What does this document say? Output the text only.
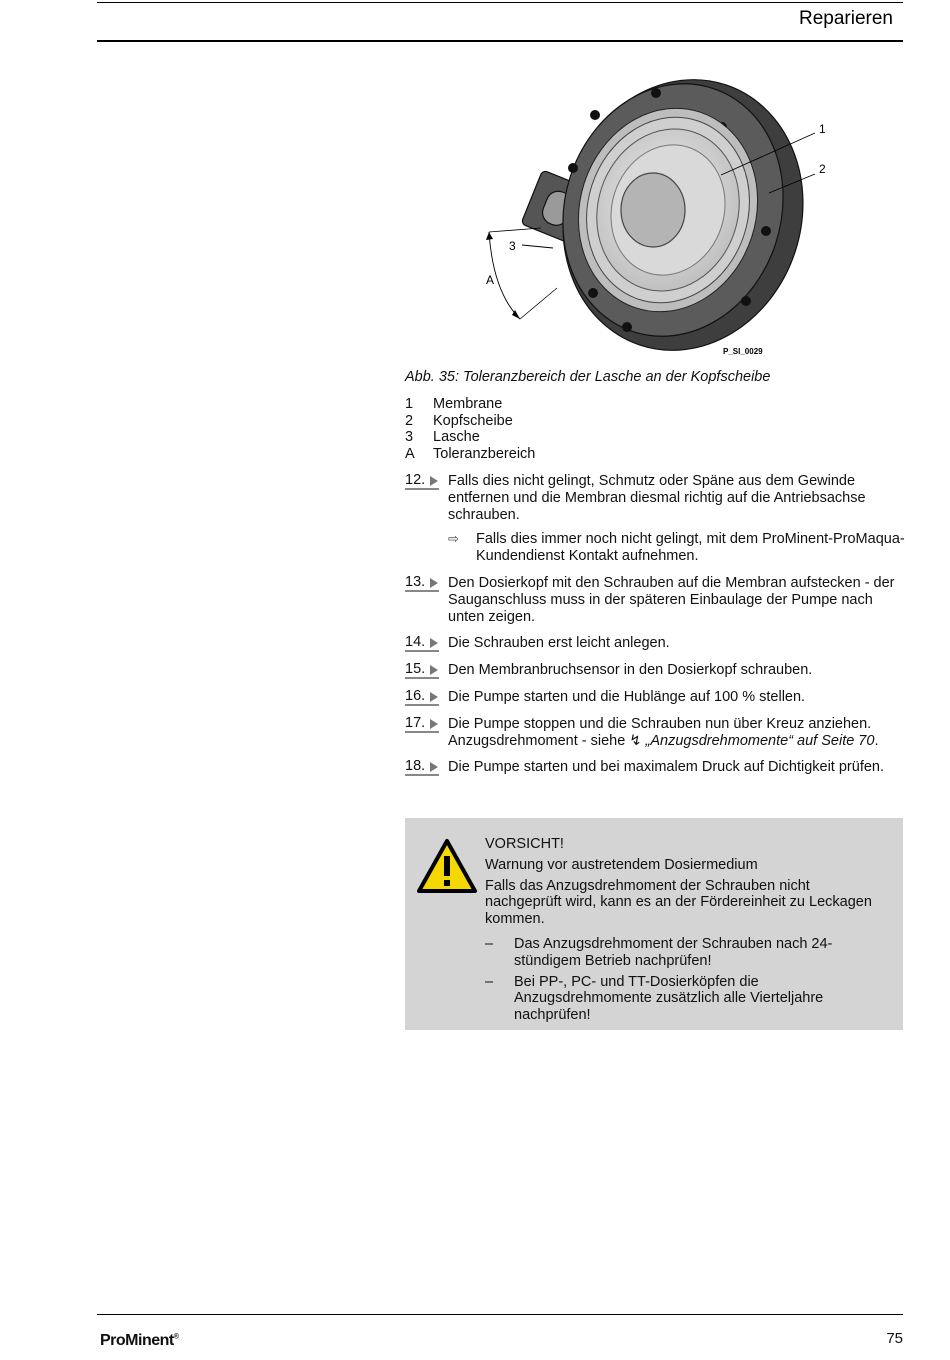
Reparieren
1
2
3
A
P_SI_0029
Abb. 35: Toleranzbereich der Lasche an der Kopfscheibe
1	Membrane
2	Kopfscheibe
3	Lasche
A	Toleranzbereich
12.	Falls dies nicht gelingt, Schmutz oder Späne aus dem Gewinde entfernen und die Membran diesmal richtig auf die Antriebsachse schrauben.
⇨ Falls dies immer noch nicht gelingt, mit dem ProMinent-ProMaqua-Kundendienst Kontakt aufnehmen.
13.	Den Dosierkopf mit den Schrauben auf die Membran aufstecken - der Sauganschluss muss in der späteren Einbaulage der Pumpe nach unten zeigen.
14.	Die Schrauben erst leicht anlegen.
15.	Den Membranbruchsensor in den Dosierkopf schrauben.
16.	Die Pumpe starten und die Hublänge auf 100 % stellen.
17.	Die Pumpe stoppen und die Schrauben nun über Kreuz anziehen. Anzugsdrehmoment - siehe ↯ „Anzugsdrehmomente“ auf Seite 70.
18.	Die Pumpe starten und bei maximalem Druck auf Dichtigkeit prüfen.
VORSICHT!
Warnung vor austretendem Dosiermedium
Falls das Anzugsdrehmoment der Schrauben nicht nachgeprüft wird, kann es an der Fördereinheit zu Leckagen kommen.
– Das Anzugsdrehmoment der Schrauben nach 24-stündigem Betrieb nachprüfen!
– Bei PP-, PC- und TT-Dosierköpfen die Anzugsdrehmomente zusätzlich alle Vierteljahre nachprüfen!
ProMinent®	75
